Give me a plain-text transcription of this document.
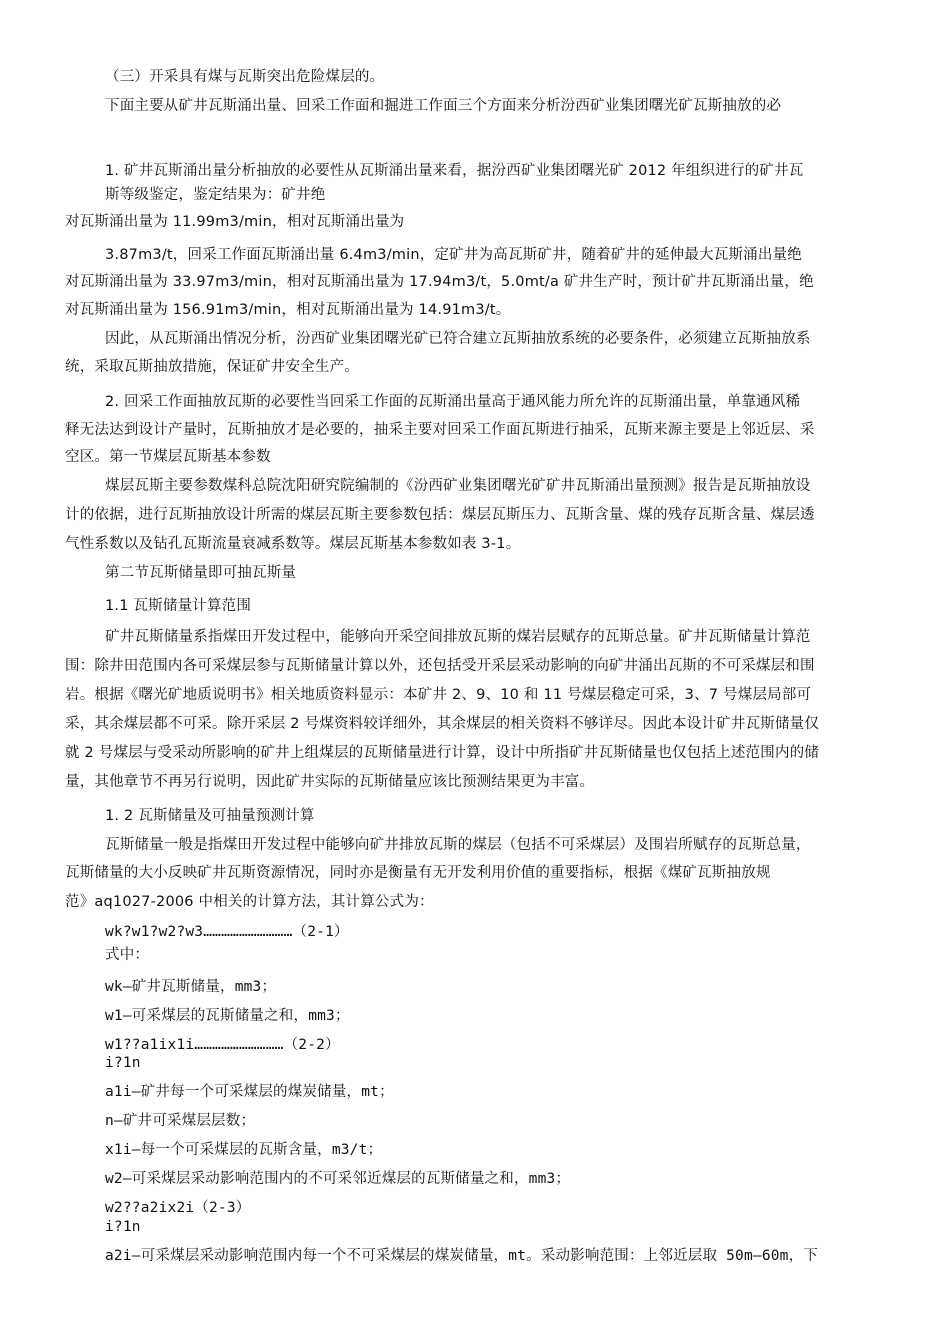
（三）开采具有煤与瓦斯突出危险煤层的。
下面主要从矿井瓦斯涌出量、回采工作面和掘进工作面三个方面来分析汾西矿业集团曙光矿瓦斯抽放的必
1. 矿井瓦斯涌出量分析抽放的必要性从瓦斯涌出量来看，据汾西矿业集团曙光矿 2012 年组织进行的矿井瓦
斯等级鉴定，鉴定结果为：矿井绝
对瓦斯涌出量为 11.99m3/min，相对瓦斯涌出量为
3.87m3/t，回采工作面瓦斯涌出量 6.4m3/min，定矿井为高瓦斯矿井，随着矿井的延伸最大瓦斯涌出量绝
对瓦斯涌出量为 33.97m3/min，相对瓦斯涌出量为 17.94m3/t，5.0mt/a 矿井生产时，预计矿井瓦斯涌出量，绝
对瓦斯涌出量为 156.91m3/min，相对瓦斯涌出量为 14.91m3/t。
因此，从瓦斯涌出情况分析，汾西矿业集团曙光矿已符合建立瓦斯抽放系统的必要条件，必须建立瓦斯抽放系
统，采取瓦斯抽放措施，保证矿井安全生产。
2. 回采工作面抽放瓦斯的必要性当回采工作面的瓦斯涌出量高于通风能力所允许的瓦斯涌出量，单靠通风稀
释无法达到设计产量时，瓦斯抽放才是必要的，抽采主要对回采工作面瓦斯进行抽采，瓦斯来源主要是上邻近层、采
空区。第一节煤层瓦斯基本参数
煤层瓦斯主要参数煤科总院沈阳研究院编制的《汾西矿业集团曙光矿矿井瓦斯涌出量预测》报告是瓦斯抽放设
计的依据，进行瓦斯抽放设计所需的煤层瓦斯主要参数包括：煤层瓦斯压力、瓦斯含量、煤的残存瓦斯含量、煤层透
气性系数以及钻孔瓦斯流量衰减系数等。煤层瓦斯基本参数如表 3-1。
第二节瓦斯储量即可抽瓦斯量
1.1 瓦斯储量计算范围
矿井瓦斯储量系指煤田开发过程中，能够向开采空间排放瓦斯的煤岩层赋存的瓦斯总量。矿井瓦斯储量计算范
围：除井田范围内各可采煤层参与瓦斯储量计算以外，还包括受开采层采动影响的向矿井涌出瓦斯的不可采煤层和围
岩。根据《曙光矿地质说明书》相关地质资料显示：本矿井 2、9、10 和 11 号煤层稳定可采，3、7 号煤层局部可
采，其余煤层都不可采。除开采层 2 号煤资料较详细外，其余煤层的相关资料不够详尽。因此本设计矿井瓦斯储量仅
就 2 号煤层与受采动所影响的矿井上组煤层的瓦斯储量进行计算，设计中所指矿井瓦斯储量也仅包括上述范围内的储
量，其他章节不再另行说明，因此矿井实际的瓦斯储量应该比预测结果更为丰富。
1. 2 瓦斯储量及可抽量预测计算
瓦斯储量一般是指煤田开发过程中能够向矿井排放瓦斯的煤层（包括不可采煤层）及围岩所赋存的瓦斯总量，
瓦斯储量的大小反映矿井瓦斯资源情况，同时亦是衡量有无开发利用价值的重要指标，根据《煤矿瓦斯抽放规
范》aq1027-2006 中相关的计算方法，其计算公式为：
wk?w1?w2?w3…………………………（2-1）
式中：
wk—矿井瓦斯储量，mm3；
w1—可采煤层的瓦斯储量之和，mm3；
w1??a1ix1i…………………………（2-2）
i?1n
a1i—矿井每一个可采煤层的煤炭储量，mt；
n—矿井可采煤层层数；
x1i—每一个可采煤层的瓦斯含量，m3/t；
w2—可采煤层采动影响范围内的不可采邻近煤层的瓦斯储量之和，mm3；
w2??a2ix2i（2-3）
i?1n
a2i—可采煤层采动影响范围内每一个不可采煤层的煤炭储量，mt。采动影响范围：上邻近层取 50m—60m，下
